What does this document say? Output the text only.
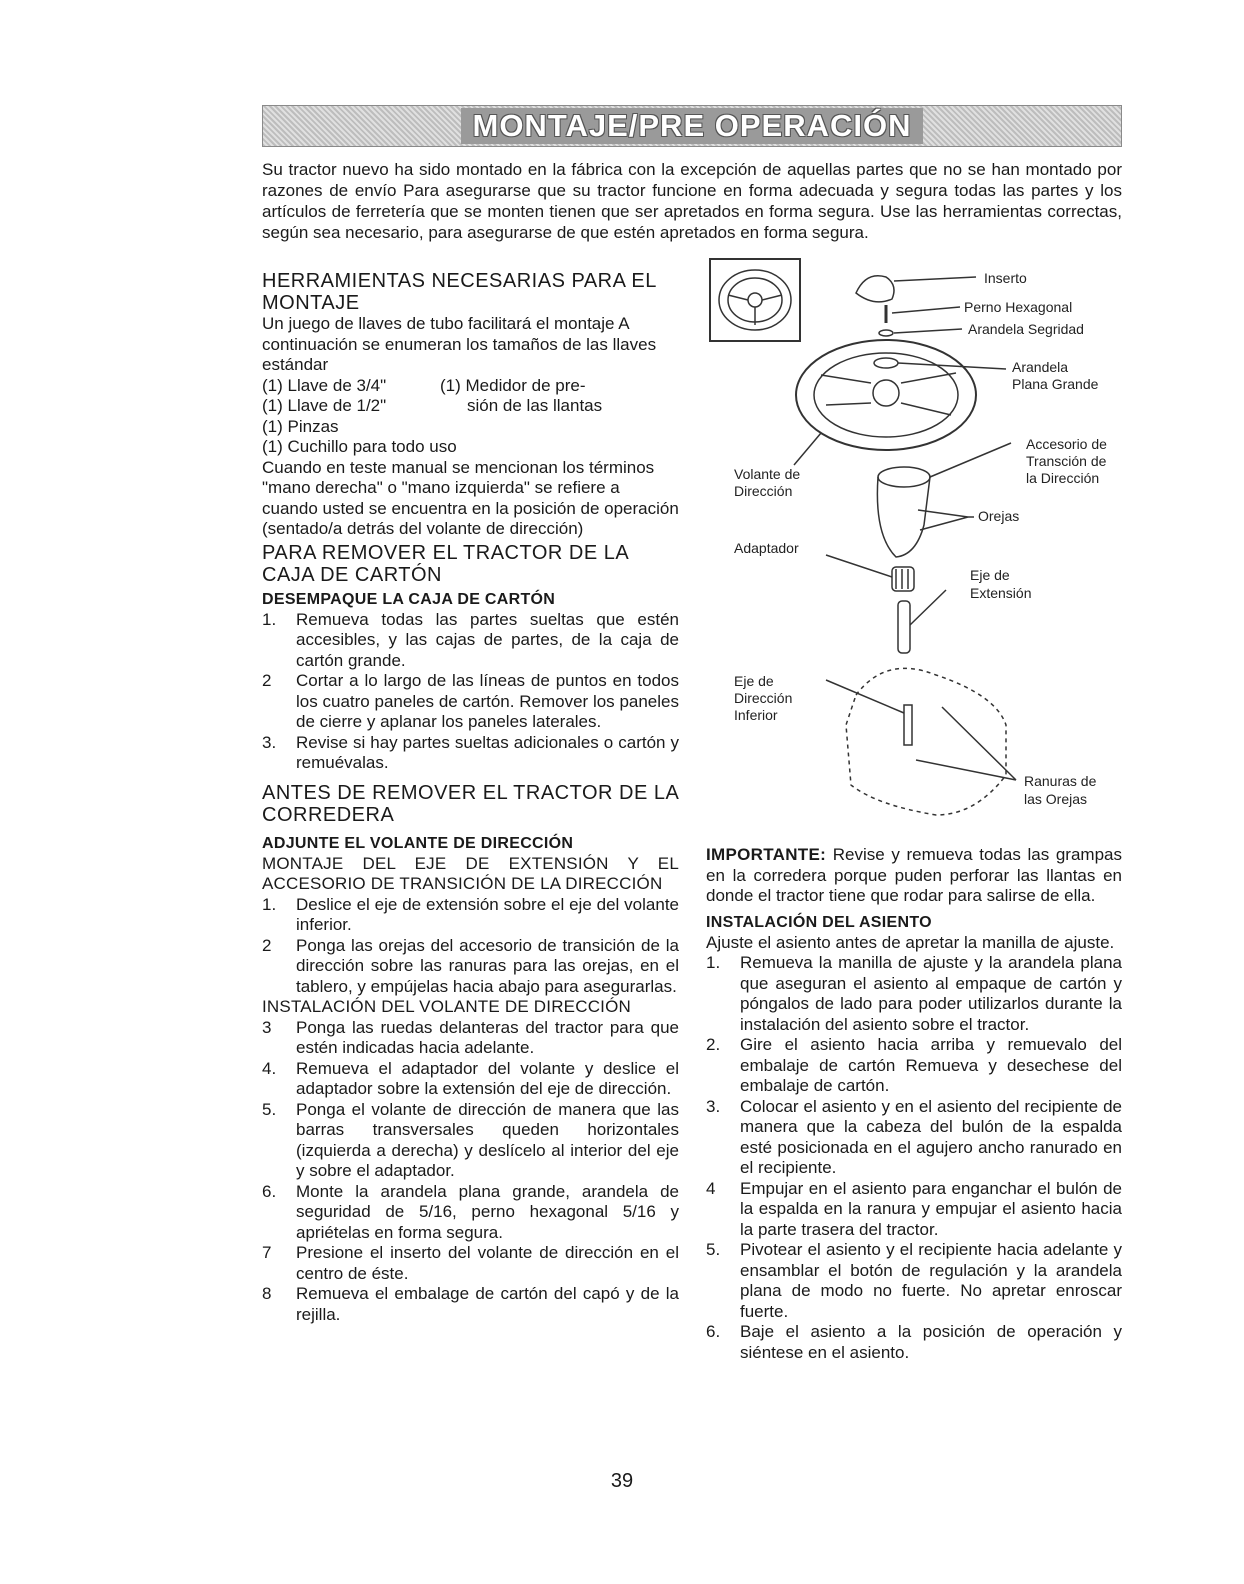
MONTAJE/PRE OPERACIÓN

Su tractor nuevo ha sido montado en la fábrica con la excepción de aquellas partes que no se han montado por razones de envío Para asegurarse que su tractor funcione en forma adecuada y segura todas las partes y los artículos de ferretería que se monten tienen que ser apretados en forma segura. Use las herramientas correctas, según sea necesario, para asegurarse de que estén apretados en forma segura.

HERRAMIENTAS NECESARIAS PARA EL MONTAJE

Un juego de llaves de tubo facilitará el montaje A continuación se enumeran los tamaños de las llaves estándar

(1) Llave de 3/4"	(1) Medidor de pre-
(1) Llave de 1/2"	sión de las llantas
(1) Pinzas
(1) Cuchillo para todo uso

Cuando en teste manual se mencionan los términos "mano derecha" o "mano izquierda" se refiere a cuando usted se encuentra en la posición de operación (sentado/a detrás del volante de dirección)

PARA REMOVER EL TRACTOR DE LA CAJA DE CARTÓN
DESEMPAQUE LA CAJA DE CARTÓN
1.	Remueva todas las partes sueltas que estén accesibles, y las cajas de partes, de la caja de cartón grande.
2	Cortar a lo largo de las líneas de puntos en todos los cuatro paneles de cartón. Remover los paneles de cierre y aplanar los paneles laterales.
3.	Revise si hay partes sueltas adicionales o cartón y remuévalas.
ANTES DE REMOVER EL TRACTOR DE LA CORREDERA
ADJUNTE EL VOLANTE DE DIRECCIÓN

MONTAJE DEL EJE DE EXTENSIÓN Y EL ACCESORIO DE TRANSICIÓN DE LA DIRECCIÓN

1.	Deslice el eje de extensión sobre el eje del volante inferior.
2	Ponga las orejas del accesorio de transición de la dirección sobre las ranuras para las orejas, en el tablero, y empújelas hacia abajo para asegurarlas.

INSTALACIÓN DEL VOLANTE DE DIRECCIÓN

3	Ponga las ruedas delanteras del tractor para que estén indicadas hacia adelante.
4.	Remueva el adaptador del volante y deslice el adaptador sobre la extensión del eje de dirección.
5.	Ponga el volante de dirección de manera que las barras transversales queden horizontales (izquierda a derecha) y deslícelo al interior del eje y sobre el adaptador.
6.	Monte la arandela plana grande, arandela de seguridad de 5/16, perno hexagonal 5/16 y apriételas en forma segura.
7	Presione el inserto del volante de dirección en el centro de éste.
8	Remueva el embalage de cartón del capó y de la rejilla.
Inserto
Perno Hexagonal
Arandela Segridad
Arandela
Plana Grande
Accesorio de
Transción de
la Dirección
Volante de
Dirección
Orejas
Adaptador
Eje de
Extensión
Eje de
Dirección
Inferior
Ranuras de
las Orejas

IMPORTANTE: Revise y remueva todas las grampas en la corredera porque puden perforar las llantas en donde el tractor tiene que rodar para salirse de ella.

INSTALACIÓN DEL ASIENTO

Ajuste el asiento antes de apretar la manilla de ajuste.

1.	Remueva la manilla de ajuste y la arandela plana que aseguran el asiento al empaque de cartón y póngalos de lado para poder utilizarlos durante la instalación del asiento sobre el tractor.
2.	Gire el asiento hacia arriba y remuevalo del embalaje de cartón Remueva y desechese del embalaje de cartón.
3.	Colocar el asiento y en el asiento del recipiente de manera que la cabeza del bulón de la espalda esté posicionada en el agujero ancho ranurado en el recipiente.
4	Empujar en el asiento para enganchar el bulón de la espalda en la ranura y empujar el asiento hacia la parte trasera del tractor.
5.	Pivotear el asiento y el recipiente hacia adelante y ensamblar el botón de regulación y la arandela plana de modo no fuerte. No apretar enroscar fuerte.
6.	Baje el asiento a la posición de operación y siéntese en el asiento.
39
